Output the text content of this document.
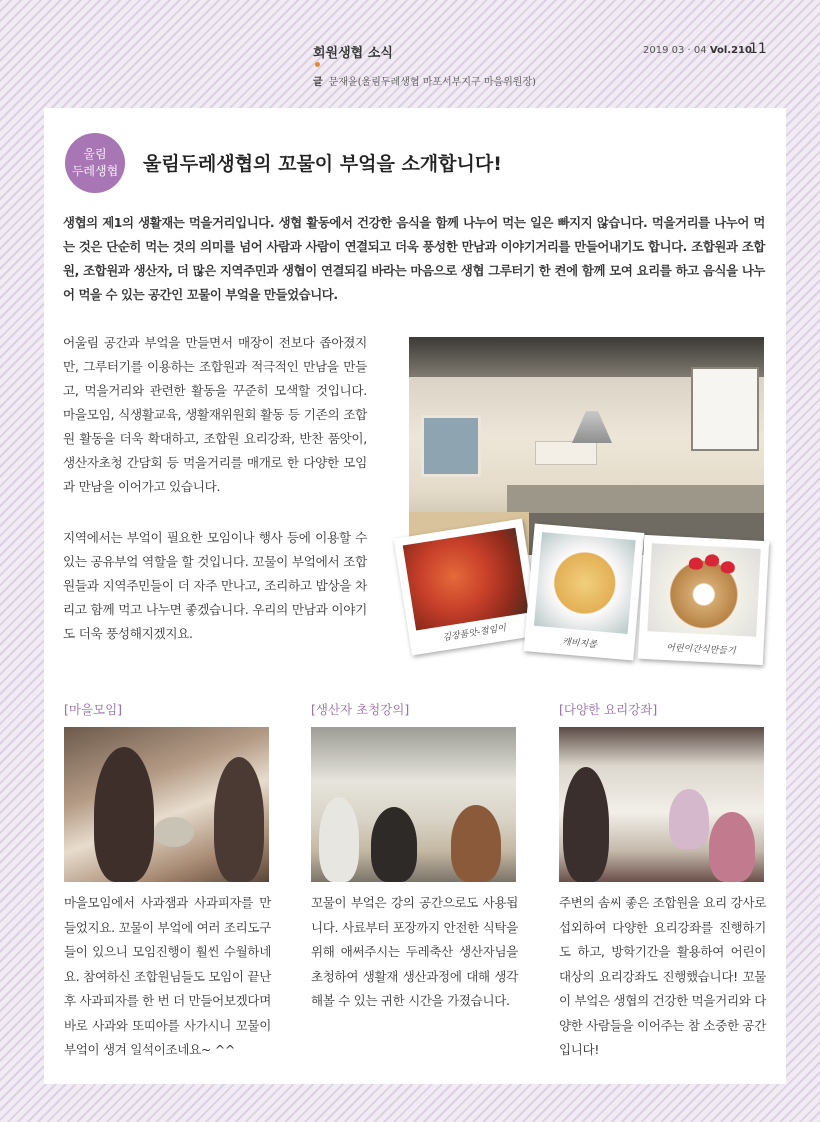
회원생협 소식
글 문재윤(울림두레생협 마포서부지구 마을위원장)
2019 03 · 04 Vol.210
11
울림
두레생협 울림두레생협의 꼬물이 부엌을 소개합니다!
생협의 제1의 생활재는 먹을거리입니다. 생협 활동에서 건강한 음식을 함께 나누어 먹는 일은 빠지지 않습니다. 먹을거리를 나누어 먹는 것은 단순히 먹는 것의 의미를 넘어 사람과 사람이 연결되고 더욱 풍성한 만남과 이야기거리를 만들어내기도 합니다. 조합원과 조합원, 조합원과 생산자, 더 많은 지역주민과 생협이 연결되길 바라는 마음으로 생협 그루터기 한 켠에 함께 모여 요리를 하고 음식을 나누어 먹을 수 있는 공간인 꼬물이 부엌을 만들었습니다.
어울림 공간과 부엌을 만들면서 매장이 전보다 좁아졌지만, 그루터기를 이용하는 조합원과 적극적인 만남을 만들고, 먹을거리와 관련한 활동을 꾸준히 모색할 것입니다. 마을모임, 식생활교육, 생활재위원회 활동 등 기존의 조합원 활동을 더욱 확대하고, 조합원 요리강좌, 반찬 품앗이, 생산자초청 간담회 등 먹을거리를 매개로 한 다양한 모임과 만남을 이어가고 있습니다.
지역에서는 부엌이 필요한 모임이나 행사 등에 이용할 수 있는 공유부엌 역할을 할 것입니다. 꼬물이 부엌에서 조합원들과 지역주민들이 더 자주 만나고, 조리하고 밥상을 차리고 함께 먹고 나누면 좋겠습니다. 우리의 만남과 이야기도 더욱 풍성해지겠지요.	김장품앗-절임이
캐비지롤	어린이간식만들기
[마을모임]	[생산자 초청강의]	[다양한 요리강좌]
마을모임에서 사과잼과 사과피자를 만들었지요. 꼬물이 부엌에 여러 조리도구들이 있으니 모임진행이 훨씬 수월하네요. 참여하신 조합원님들도 모임이 끝난 후 사과피자를 한 번 더 만들어보겠다며 바로 사과와 또띠아를 사가시니 꼬물이 부엌이 생겨 일석이조네요~ ^^
꼬물이 부엌은 강의 공간으로도 사용됩니다. 사료부터 포장까지 안전한 식탁을 위해 애써주시는 두레축산 생산자님을 초청하여 생활재 생산과정에 대해 생각해볼 수 있는 귀한 시간을 가졌습니다.
주변의 솜씨 좋은 조합원을 요리 강사로 섭외하여 다양한 요리강좌를 진행하기도 하고, 방학기간을 활용하여 어린이 대상의 요리강좌도 진행했습니다! 꼬물이 부엌은 생협의 건강한 먹을거리와 다양한 사람들을 이어주는 참 소중한 공간입니다!
